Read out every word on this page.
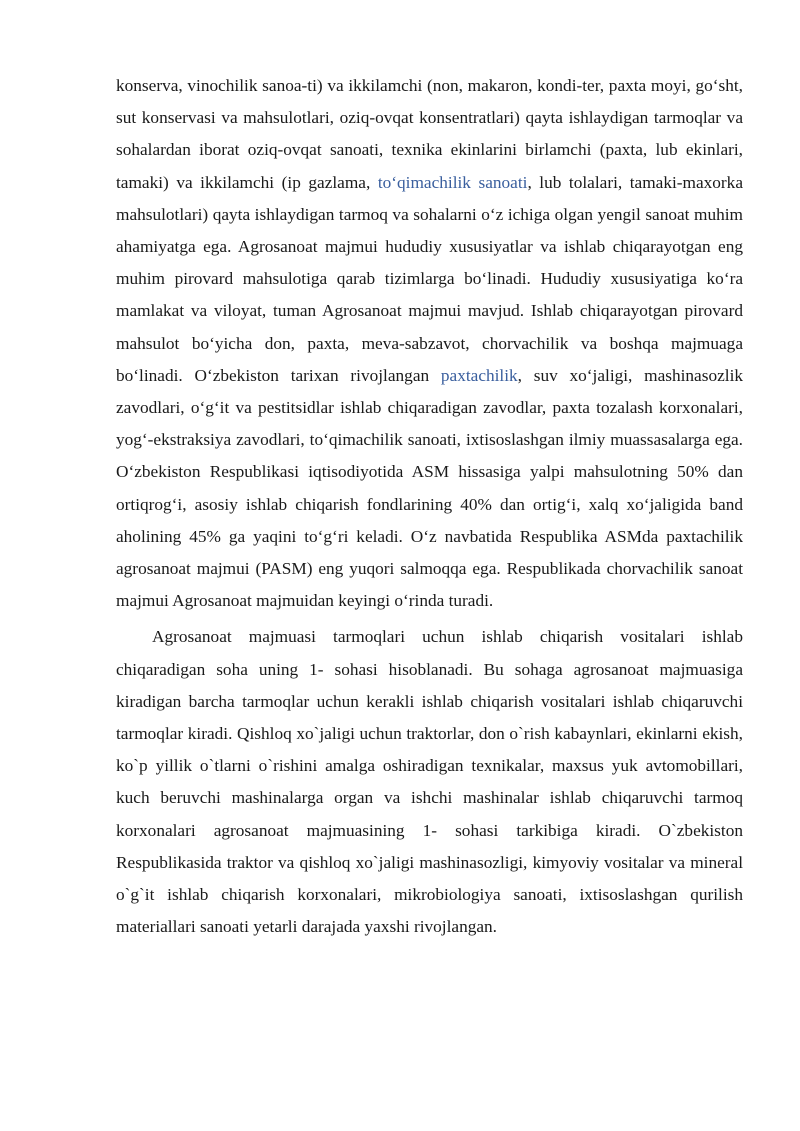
konserva, vinochilik sanoa-ti) va ikkilamchi (non, makaron, kondi-ter, paxta moyi, go‘sht, sut konservasi va mahsulotlari, oziq-ovqat konsentratlari) qayta ishlaydigan tarmoqlar va sohalardan iborat oziq-ovqat sanoati, texnika ekinlarini birlamchi (paxta, lub ekinlari, tamaki) va ikkilamchi (ip gazlama, to‘qimachilik sanoati, lub tolalari, tamaki-maxorka mahsulotlari) qayta ishlaydigan tarmoq va sohalarni o‘z ichiga olgan yengil sanoat muhim ahamiyatga ega. Agrosanoat majmui hududiy xususiyatlar va ishlab chiqarayotgan eng muhim pirovard mahsulotiga qarab tizimlarga bo‘linadi. Hududiy xususiyatiga ko‘ra mamlakat va viloyat, tuman Agrosanoat majmui mavjud. Ishlab chiqarayotgan pirovard mahsulot bo‘yicha don, paxta, meva-sabzavot, chorvachilik va boshqa majmuaga bo‘linadi. O‘zbekiston tarixan rivojlangan paxtachilik, suv xo‘jaligi, mashinasozlik zavodlari, o‘g‘it va pestitsidlar ishlab chiqaradigan zavodlar, paxta tozalash korxonalari, yog‘-ekstraksiya zavodlari, to‘qimachilik sanoati, ixtisoslashgan ilmiy muassasalarga ega. O‘zbekiston Respublikasi iqtisodiyotida ASM hissasiga yalpi mahsulotning 50% dan ortiqrog‘i, asosiy ishlab chiqarish fondlarining 40% dan ortig‘i, xalq xo‘jaligida band aholining 45% ga yaqini to‘g‘ri keladi. O‘z navbatida Respublika ASMda paxtachilik agrosanoat majmui (PASM) eng yuqori salmoqqa ega. Respublikada chorvachilik sanoat majmui Agrosanoat majmuidan keyingi o‘rinda turadi.

Agrosanoat majmuasi tarmoqlari uchun ishlab chiqarish vositalari ishlab chiqaradigan soha uning 1- sohasi hisoblanadi. Bu sohaga agrosanoat majmuasiga kiradigan barcha tarmoqlar uchun kerakli ishlab chiqarish vositalari ishlab chiqaruvchi tarmoqlar kiradi. Qishloq xo`jaligi uchun traktorlar, don o`rish kabaynlari, ekinlarni ekish, ko`p yillik o`tlarni o`rishini amalga oshiradigan texnikalar, maxsus yuk avtomobillari, kuch beruvchi mashinalarga organ va ishchi mashinalar ishlab chiqaruvchi tarmoq korxonalari agrosanoat majmuasining 1- sohasi tarkibiga kiradi. O`zbekiston Respublikasida traktor va qishloq xo`jaligi mashinasozligi, kimyoviy vositalar va mineral o`g`it ishlab chiqarish korxonalari, mikrobiologiya sanoati, ixtisoslashgan qurilish materiallari sanoati yetarli darajada yaxshi rivojlangan.
